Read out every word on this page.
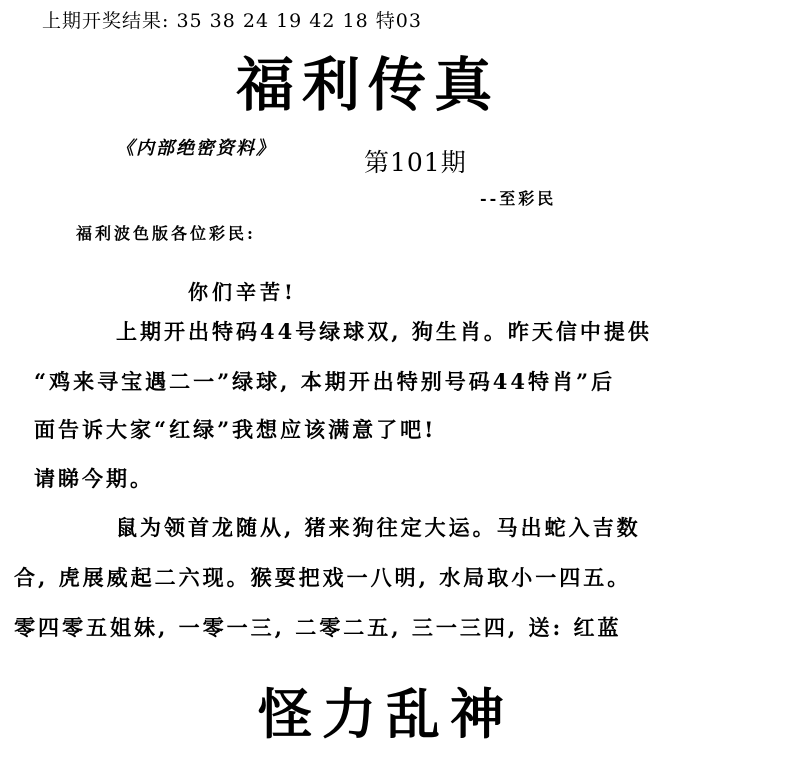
上期开奖结果: 35 38 24 19 42 18 特03
福利传真
《内部绝密资料》	第101期
--至彩民
福利波色版各位彩民:
你们辛苦!
上期开出特码44号绿球双, 狗生肖。昨天信中提供
“鸡来寻宝遇二一”绿球, 本期开出特别号码44特肖”后
面告诉大家“红绿”我想应该满意了吧!
请睇今期。
鼠为领首龙随从, 猪来狗往定大运。马出蛇入吉数
合, 虎展威起二六现。猴耍把戏一八明, 水局取小一四五。
零四零五姐妹, 一零一三, 二零二五, 三一三四, 送: 红蓝
怪力乱神
